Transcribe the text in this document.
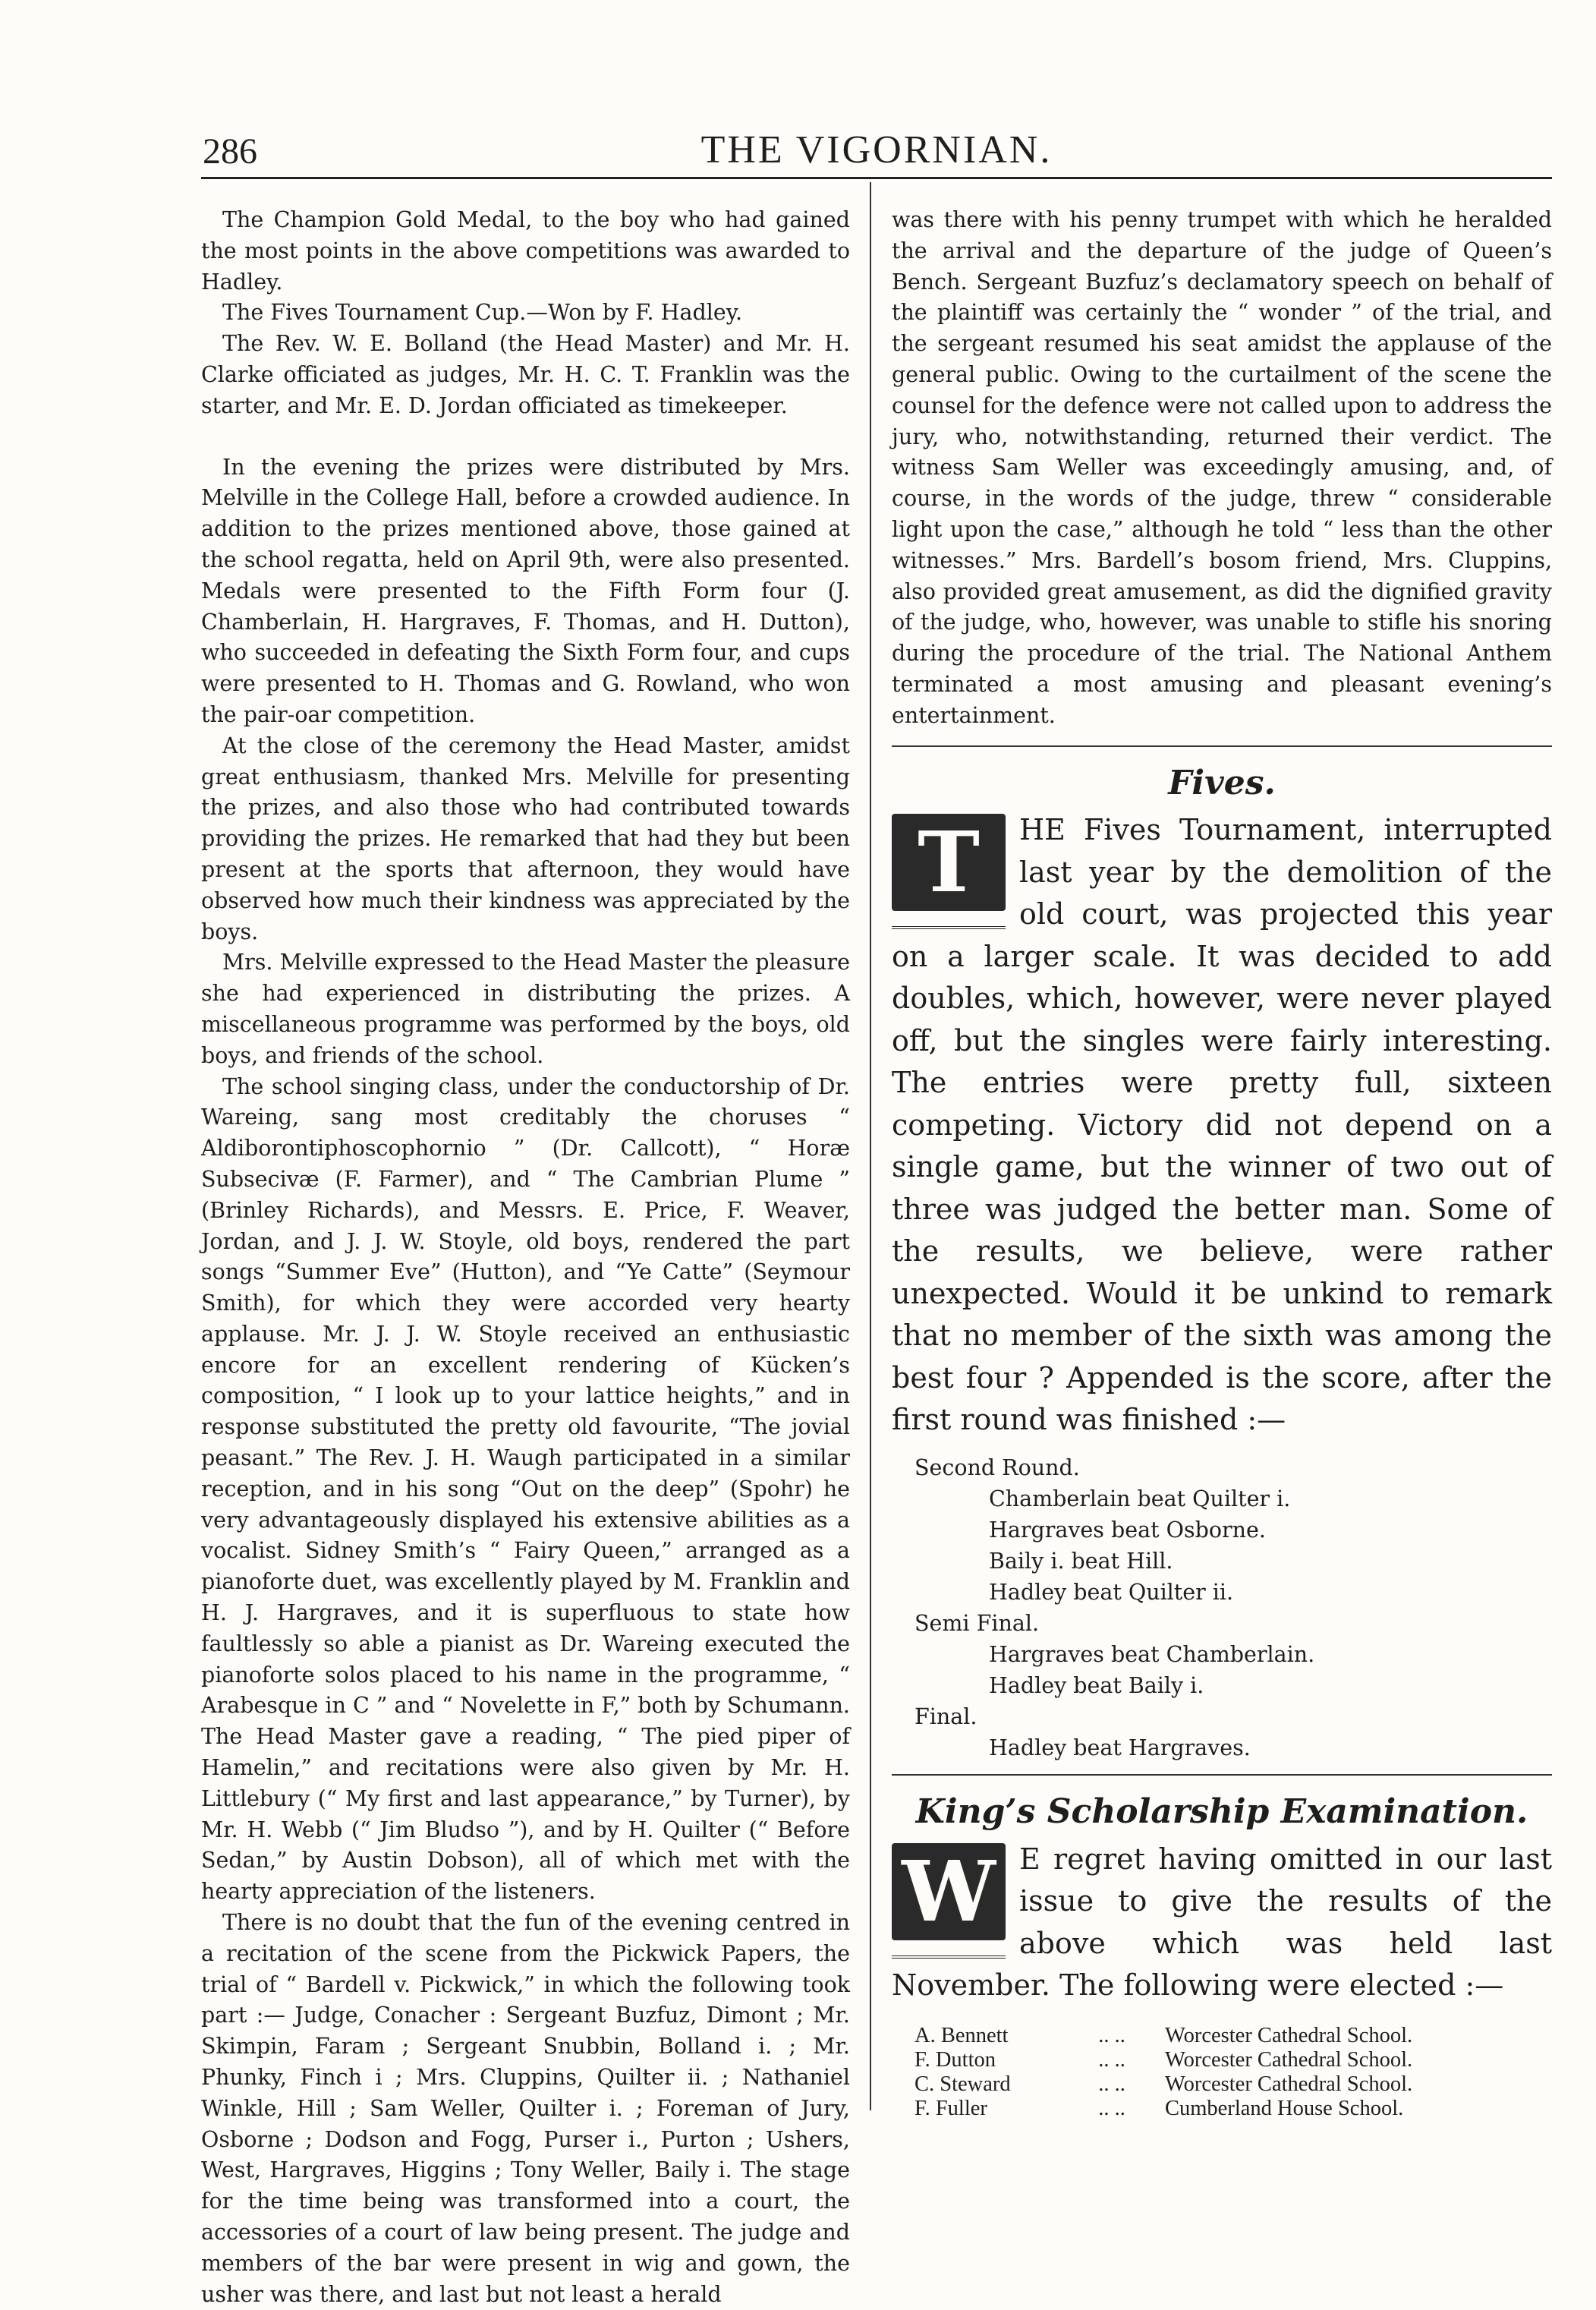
286	THE VIGORNIAN.

The Champion Gold Medal, to the boy who had gained the most points in the above competitions was awarded to Hadley.

The Fives Tournament Cup.—Won by F. Hadley.

The Rev. W. E. Bolland (the Head Master) and Mr. H. Clarke officiated as judges, Mr. H. C. T. Franklin was the starter, and Mr. E. D. Jordan officiated as timekeeper.

In the evening the prizes were distributed by Mrs. Melville in the College Hall, before a crowded audience. In addition to the prizes mentioned above, those gained at the school regatta, held on April 9th, were also presented. Medals were presented to the Fifth Form four (J. Chamberlain, H. Hargraves, F. Thomas, and H. Dutton), who succeeded in defeating the Sixth Form four, and cups were presented to H. Thomas and G. Rowland, who won the pair-oar competition.

At the close of the ceremony the Head Master, amidst great enthusiasm, thanked Mrs. Melville for presenting the prizes, and also those who had contributed towards providing the prizes. He remarked that had they but been present at the sports that afternoon, they would have observed how much their kindness was appreciated by the boys.

Mrs. Melville expressed to the Head Master the pleasure she had experienced in distributing the prizes. A miscellaneous programme was performed by the boys, old boys, and friends of the school.

The school singing class, under the conductorship of Dr. Wareing, sang most creditably the choruses “ Aldiborontiphoscophornio ” (Dr. Callcott), “ Horæ Subsecivæ (F. Farmer), and “ The Cambrian Plume ” (Brinley Richards), and Messrs. E. Price, F. Weaver, Jordan, and J. J. W. Stoyle, old boys, rendered the part songs “Summer Eve” (Hutton), and “Ye Catte” (Seymour Smith), for which they were accorded very hearty applause. Mr. J. J. W. Stoyle received an enthusiastic encore for an excellent rendering of Kücken’s composition, “ I look up to your lattice heights,” and in response substituted the pretty old favourite, “The jovial peasant.” The Rev. J. H. Waugh participated in a similar reception, and in his song “Out on the deep” (Spohr) he very advantageously displayed his extensive abilities as a vocalist. Sidney Smith’s “ Fairy Queen,” arranged as a pianoforte duet, was excellently played by M. Franklin and H. J. Hargraves, and it is superfluous to state how faultlessly so able a pianist as Dr. Wareing executed the pianoforte solos placed to his name in the programme, “ Arabesque in C ” and “ Novelette in F,” both by Schumann. The Head Master gave a reading, “ The pied piper of Hamelin,” and recitations were also given by Mr. H. Littlebury (“ My first and last appearance,” by Turner), by Mr. H. Webb (“ Jim Bludso ”), and by H. Quilter (“ Before Sedan,” by Austin Dobson), all of which met with the hearty appreciation of the listeners.

There is no doubt that the fun of the evening centred in a recitation of the scene from the Pickwick Papers, the trial of “ Bardell v. Pickwick,” in which the following took part :— Judge, Conacher : Sergeant Buzfuz, Dimont ; Mr. Skimpin, Faram ; Sergeant Snubbin, Bolland i. ; Mr. Phunky, Finch i ; Mrs. Cluppins, Quilter ii. ; Nathaniel Winkle, Hill ; Sam Weller, Quilter i. ; Foreman of Jury, Osborne ; Dodson and Fogg, Purser i., Purton ; Ushers, West, Hargraves, Higgins ; Tony Weller, Baily i. The stage for the time being was transformed into a court, the accessories of a court of law being present. The judge and members of the bar were present in wig and gown, the usher was there, and last but not least a herald

was there with his penny trumpet with which he heralded the arrival and the departure of the judge of Queen’s Bench. Sergeant Buzfuz’s declamatory speech on behalf of the plaintiff was certainly the “ wonder ” of the trial, and the sergeant resumed his seat amidst the applause of the general public. Owing to the curtailment of the scene the counsel for the defence were not called upon to address the jury, who, notwithstanding, returned their verdict. The witness Sam Weller was exceedingly amusing, and, of course, in the words of the judge, threw “ considerable light upon the case,” although he told “ less than the other witnesses.” Mrs. Bardell’s bosom friend, Mrs. Cluppins, also provided great amusement, as did the dignified gravity of the judge, who, however, was unable to stifle his snoring during the procedure of the trial. The National Anthem terminated a most amusing and pleasant evening’s entertainment.

Fives.
T	HE Fives Tournament, interrupted last year by the demolition of the old court, was projected this year on a larger scale. It was decided to add doubles, which, however, were never played off, but the singles were fairly interesting. The entries were pretty full, sixteen competing. Victory did not depend on a single game, but the winner of two out of three was judged the better man. Some of the results, we believe, were rather unexpected. Would it be unkind to remark that no member of the sixth was among the best four ? Appended is the score, after the first round was finished :—

Second Round.
Chamberlain beat Quilter i.
Hargraves beat Osborne.
Baily i. beat Hill.
Hadley beat Quilter ii.
Semi Final.
Hargraves beat Chamberlain.
Hadley beat Baily i.
Final.
Hadley beat Hargraves.
King’s Scholarship Examination.
W E regret having omitted in our last issue to give the results of the above which was held last November. The following were elected :—

A. Bennett	.. ..	Worcester Cathedral School.
F. Dutton	.. ..	Worcester Cathedral School.
C. Steward	.. ..	Worcester Cathedral School.
F. Fuller	.. ..	Cumberland House School.
